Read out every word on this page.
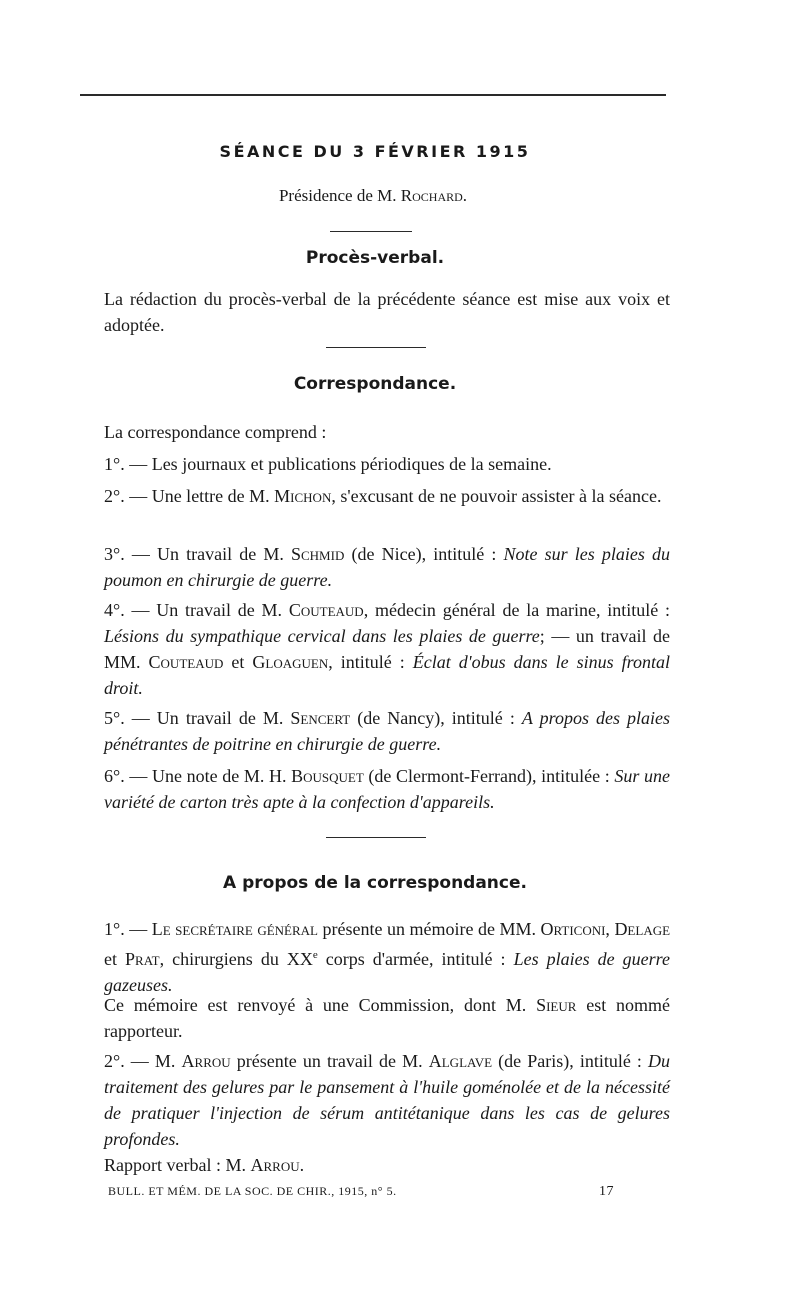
SÉANCE DU 3 FÉVRIER 1915
Présidence de M. Rochard.
Procès-verbal.
La rédaction du procès-verbal de la précédente séance est mise aux voix et adoptée.
Correspondance.
La correspondance comprend :
1°. — Les journaux et publications périodiques de la semaine.
2°. — Une lettre de M. Michon, s'excusant de ne pouvoir assister à la séance.
3°. — Un travail de M. Schmid (de Nice), intitulé : Note sur les plaies du poumon en chirurgie de guerre.
4°. — Un travail de M. Couteaud, médecin général de la marine, intitulé : Lésions du sympathique cervical dans les plaies de guerre; — un travail de MM. Couteaud et Gloaguen, intitulé : Éclat d'obus dans le sinus frontal droit.
5°. — Un travail de M. Sencert (de Nancy), intitulé : A propos des plaies pénétrantes de poitrine en chirurgie de guerre.
6°. — Une note de M. H. Bousquet (de Clermont-Ferrand), intitulée : Sur une variété de carton très apte à la confection d'appareils.
A propos de la correspondance.
1°. — Le secrétaire général présente un mémoire de MM. Orticoni, Delage et Prat, chirurgiens du XXe corps d'armée, intitulé : Les plaies de guerre gazeuses.
Ce mémoire est renvoyé à une Commission, dont M. Sieur est nommé rapporteur.
2°. — M. Arrou présente un travail de M. Alglave (de Paris), intitulé : Du traitement des gelures par le pansement à l'huile goménolée et de la nécessité de pratiquer l'injection de sérum antitétanique dans les cas de gelures profondes.
Rapport verbal : M. Arrou.
BULL. ET MÉM. DE LA SOC. DE CHIR., 1915, n° 5.	17
